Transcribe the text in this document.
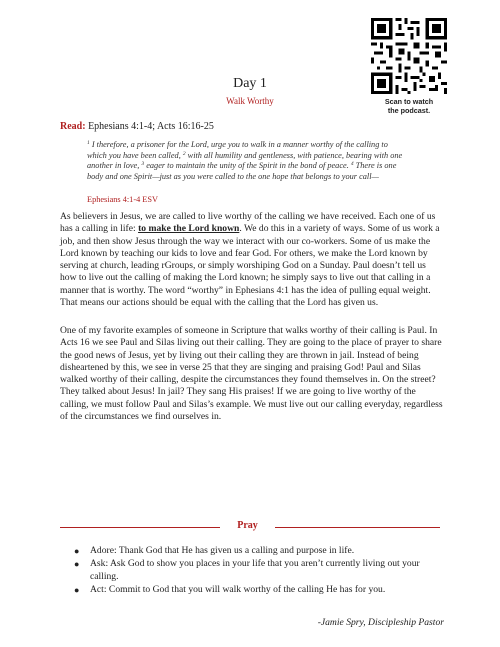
Scan to watch
the podcast.
Day 1
Walk Worthy
Read: Ephesians 4:1-4; Acts 16:16-25
$^1$ I therefore, a prisoner for the Lord, urge you to walk in a manner worthy of the calling to which you have been called, $^2$ with all humility and gentleness, with patience, bearing with one another in love, $^3$ eager to maintain the unity of the Spirit in the bond of peace. $^4$ There is one body and one Spirit—just as you were called to the one hope that belongs to your call—
Ephesians 4:1-4 ESV
As believers in Jesus, we are called to live worthy of the calling we have received. Each one of us has a calling in life: to make the Lord known. We do this in a variety of ways. Some of us work a job, and then show Jesus through the way we interact with our co-workers. Some of us make the Lord known by teaching our kids to love and fear God. For others, we make the Lord known by serving at church, leading rGroups, or simply worshiping God on a Sunday. Paul doesn’t tell us how to live out the calling of making the Lord known; he simply says to live out that calling in a manner that is worthy. The word “worthy” in Ephesians 4:1 has the idea of pulling equal weight. That means our actions should be equal with the calling that the Lord has given us.
One of my favorite examples of someone in Scripture that walks worthy of their calling is Paul. In Acts 16 we see Paul and Silas living out their calling. They are going to the place of prayer to share the good news of Jesus, yet by living out their calling they are thrown in jail. Instead of being disheartened by this, we see in verse 25 that they are singing and praising God! Paul and Silas walked worthy of their calling, despite the circumstances they found themselves in. On the street? They talked about Jesus! In jail? They sang His praises! If we are going to live worthy of the calling, we must follow Paul and Silas’s example. We must live out our calling everyday, regardless of the circumstances we find ourselves in.
Pray
● Adore: Thank God that He has given us a calling and purpose in life.
● Ask: Ask God to show you places in your life that you aren’t currently living out your calling.
● Act: Commit to God that you will walk worthy of the calling He has for you.
-Jamie Spry, Discipleship Pastor
